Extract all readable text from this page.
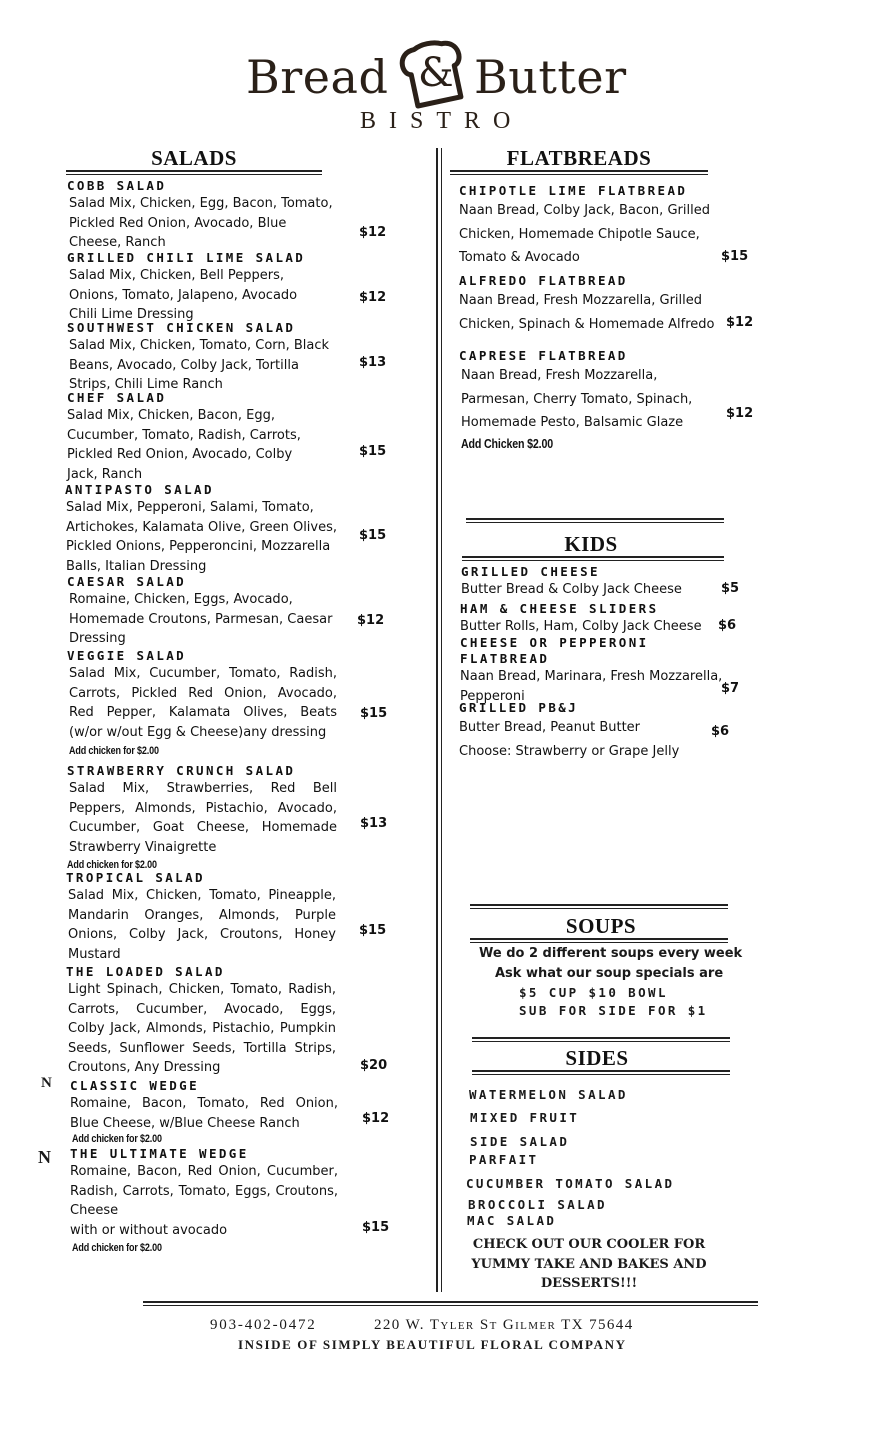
Bread & Butter
BISTRO
SALADS
COBB SALAD
Salad Mix, Chicken, Egg, Bacon, Tomato, Pickled Red Onion, Avocado, Blue Cheese, Ranch
$12
GRILLED CHILI LIME SALAD
Salad Mix, Chicken, Bell Peppers, Onions, Tomato, Jalapeno, Avocado Chili Lime Dressing
$12
SOUTHWEST CHICKEN SALAD
Salad Mix, Chicken, Tomato, Corn, Black Beans, Avocado, Colby Jack, Tortilla Strips, Chili Lime Ranch
$13
CHEF SALAD
Salad Mix, Chicken, Bacon, Egg, Cucumber, Tomato, Radish, Carrots, Pickled Red Onion, Avocado, Colby Jack, Ranch
$15
ANTIPASTO SALAD
Salad Mix, Pepperoni, Salami, Tomato, Artichokes, Kalamata Olive, Green Olives, Pickled Onions, Pepperoncini, Mozzarella Balls, Italian Dressing
$15
CAESAR SALAD
Romaine, Chicken, Eggs, Avocado, Homemade Croutons, Parmesan, Caesar Dressing
$12
VEGGIE SALAD
Salad Mix, Cucumber, Tomato, Radish, Carrots, Pickled Red Onion, Avocado, Red Pepper, Kalamata Olives, Beats (w/or w/out Egg & Cheese)any dressing
Add chicken for $2.00
$15
STRAWBERRY CRUNCH SALAD
Salad Mix, Strawberries, Red Bell Peppers, Almonds, Pistachio, Avocado, Cucumber, Goat Cheese, Homemade Strawberry Vinaigrette
Add chicken for $2.00
$13
TROPICAL SALAD
Salad Mix, Chicken, Tomato, Pineapple, Mandarin Oranges, Almonds, Purple Onions, Colby Jack, Croutons, Honey Mustard
$15
THE LOADED SALAD
Light Spinach, Chicken, Tomato, Radish, Carrots, Cucumber, Avocado, Eggs, Colby Jack, Almonds, Pistachio, Pumpkin Seeds, Sunflower Seeds, Tortilla Strips, Croutons, Any Dressing	$20
N CLASSIC WEDGE
Romaine, Bacon, Tomato, Red Onion, Blue Cheese, w/Blue Cheese Ranch
Add chicken for $2.00
$12
N THE ULTIMATE WEDGE
Romaine, Bacon, Red Onion, Cucumber, Radish, Carrots, Tomato, Eggs, Croutons, Cheese
with or without avocado
Add chicken for $2.00
$15
FLATBREADS
CHIPOTLE LIME FLATBREAD
Naan Bread, Colby Jack, Bacon, Grilled Chicken, Homemade Chipotle Sauce, Tomato & Avocado	$15
ALFREDO FLATBREAD
Naan Bread, Fresh Mozzarella, Grilled Chicken, Spinach & Homemade Alfredo $12
CAPRESE FLATBREAD
Naan Bread, Fresh Mozzarella, Parmesan, Cherry Tomato, Spinach, Homemade Pesto, Balsamic Glaze
$12
Add Chicken $2.00
KIDS
GRILLED CHEESE
Butter Bread & Colby Jack Cheese	$5
HAM & CHEESE SLIDERS
Butter Rolls, Ham, Colby Jack Cheese	$6
CHEESE OR PEPPERONI FLATBREAD
Naan Bread, Marinara, Fresh Mozzarella, Pepperoni	$7
GRILLED PB&J
Butter Bread, Peanut Butter
Choose: Strawberry or Grape Jelly
$6
SOUPS
We do 2 different soups every week
Ask what our soup specials are
$5 CUP $10 BOWL
SUB FOR SIDE FOR $1
SIDES
WATERMELON SALAD
MIXED FRUIT
SIDE SALAD
PARFAIT
CUCUMBER TOMATO SALAD
BROCCOLI SALAD
MAC SALAD
CHECK OUT OUR COOLER FOR YUMMY TAKE AND BAKES AND DESSERTS!!!
903-402-0472	220 W. Tyler St Gilmer TX 75644
INSIDE OF SIMPLY BEAUTIFUL FLORAL COMPANY
